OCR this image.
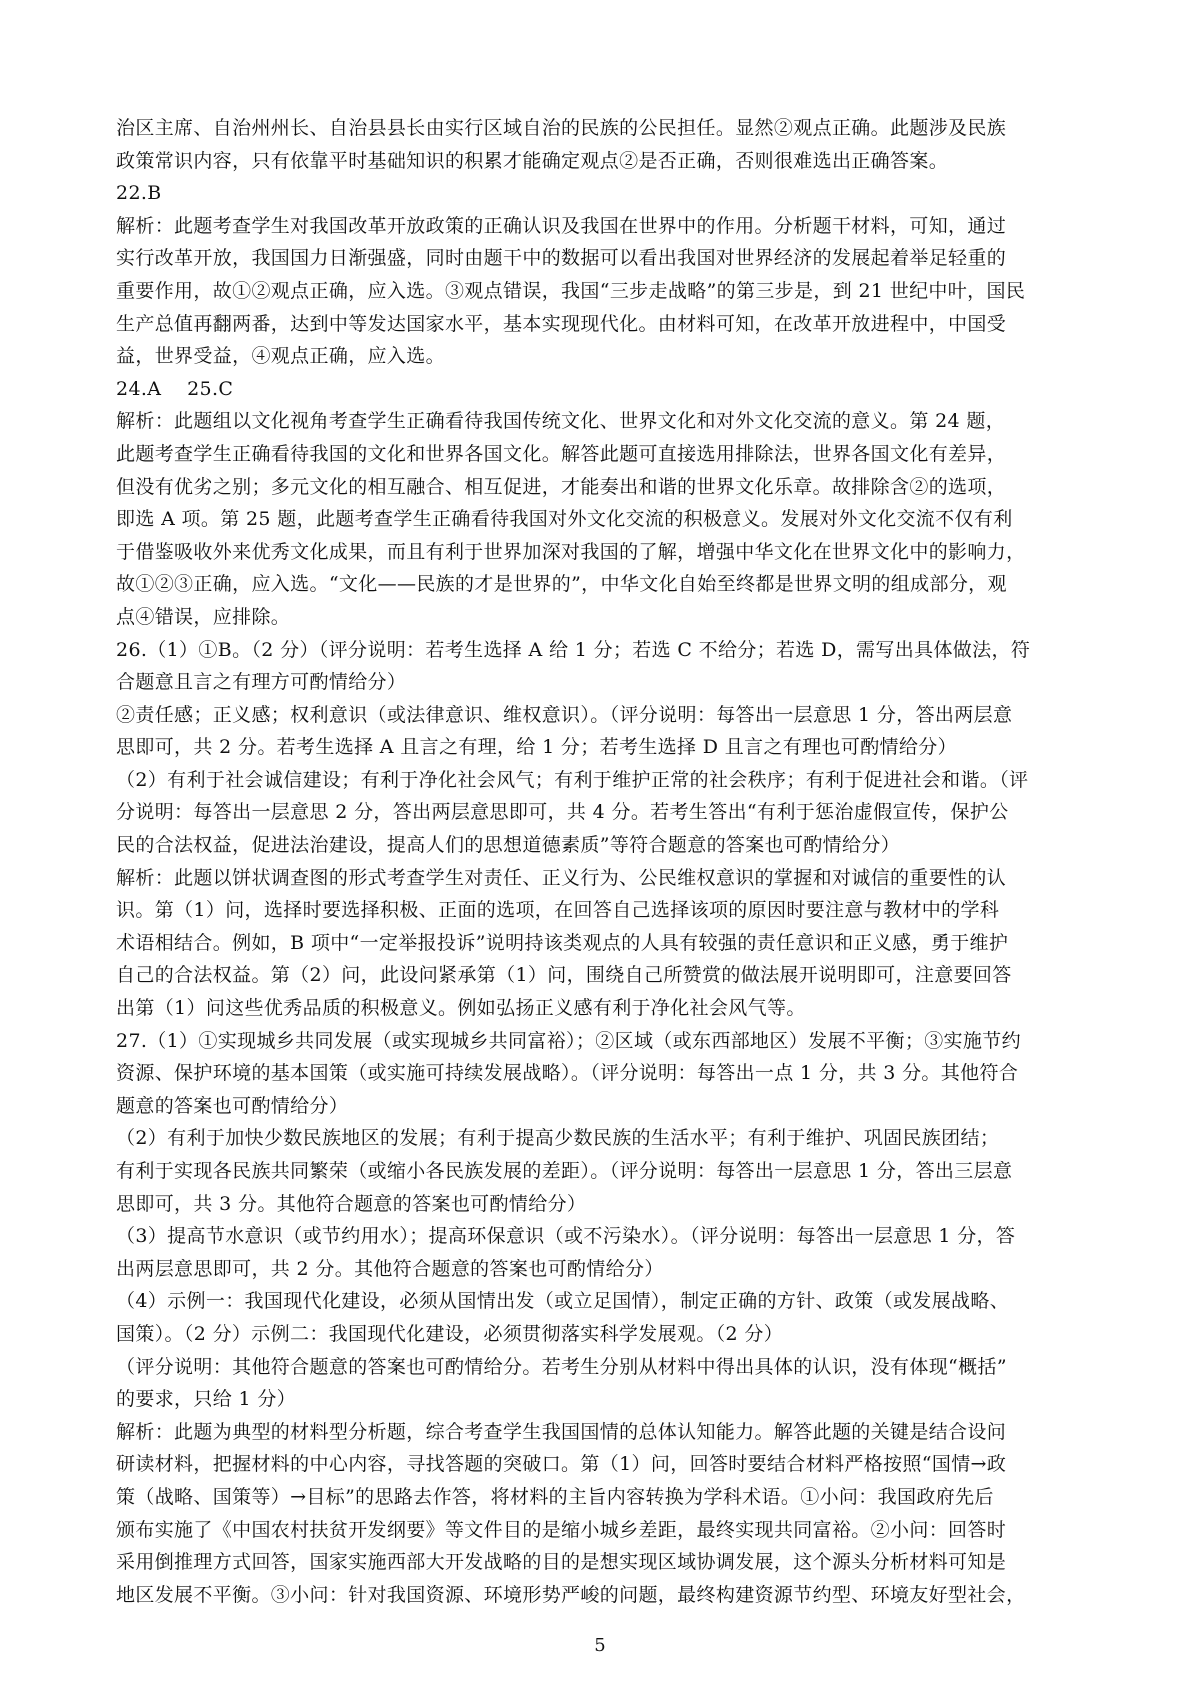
治区主席、自治州州长、自治县县长由实行区域自治的民族的公民担任。显然②观点正确。此题涉及民族
政策常识内容，只有依靠平时基础知识的积累才能确定观点②是否正确，否则很难选出正确答案。
22.B
解析：此题考查学生对我国改革开放政策的正确认识及我国在世界中的作用。分析题干材料，可知，通过
实行改革开放，我国国力日渐强盛，同时由题干中的数据可以看出我国对世界经济的发展起着举足轻重的
重要作用，故①②观点正确，应入选。③观点错误，我国“三步走战略”的第三步是，到 21 世纪中叶，国民
生产总值再翻两番，达到中等发达国家水平，基本实现现代化。由材料可知，在改革开放进程中，中国受
益，世界受益，④观点正确，应入选。
24.A　 25.C
解析：此题组以文化视角考查学生正确看待我国传统文化、世界文化和对外文化交流的意义。第 24 题，
此题考查学生正确看待我国的文化和世界各国文化。解答此题可直接选用排除法，世界各国文化有差异，
但没有优劣之别；多元文化的相互融合、相互促进，才能奏出和谐的世界文化乐章。故排除含②的选项，
即选 A 项。第 25 题，此题考查学生正确看待我国对外文化交流的积极意义。发展对外文化交流不仅有利
于借鉴吸收外来优秀文化成果，而且有利于世界加深对我国的了解，增强中华文化在世界文化中的影响力，
故①②③正确，应入选。“文化——民族的才是世界的”，中华文化自始至终都是世界文明的组成部分，观
点④错误，应排除。
26.（1）①B。（2 分）（评分说明：若考生选择 A 给 1 分；若选 C 不给分；若选 D，需写出具体做法，符
合题意且言之有理方可酌情给分）
②责任感；正义感；权利意识（或法律意识、维权意识）。（评分说明：每答出一层意思 1 分，答出两层意
思即可，共 2 分。若考生选择 A 且言之有理，给 1 分；若考生选择 D 且言之有理也可酌情给分）
（2）有利于社会诚信建设；有利于净化社会风气；有利于维护正常的社会秩序；有利于促进社会和谐。（评
分说明：每答出一层意思 2 分，答出两层意思即可，共 4 分。若考生答出“有利于惩治虚假宣传，保护公
民的合法权益，促进法治建设，提高人们的思想道德素质”等符合题意的答案也可酌情给分）
解析：此题以饼状调查图的形式考查学生对责任、正义行为、公民维权意识的掌握和对诚信的重要性的认
识。第（1）问，选择时要选择积极、正面的选项，在回答自己选择该项的原因时要注意与教材中的学科
术语相结合。例如，B 项中“一定举报投诉”说明持该类观点的人具有较强的责任意识和正义感，勇于维护
自己的合法权益。第（2）问，此设问紧承第（1）问，围绕自己所赞赏的做法展开说明即可，注意要回答
出第（1）问这些优秀品质的积极意义。例如弘扬正义感有利于净化社会风气等。
27.（1）①实现城乡共同发展（或实现城乡共同富裕）；②区域（或东西部地区）发展不平衡；③实施节约
资源、保护环境的基本国策（或实施可持续发展战略）。（评分说明：每答出一点 1 分，共 3 分。其他符合
题意的答案也可酌情给分）
（2）有利于加快少数民族地区的发展；有利于提高少数民族的生活水平；有利于维护、巩固民族团结；
有利于实现各民族共同繁荣（或缩小各民族发展的差距）。（评分说明：每答出一层意思 1 分，答出三层意
思即可，共 3 分。其他符合题意的答案也可酌情给分）
（3）提高节水意识（或节约用水）；提高环保意识（或不污染水）。（评分说明：每答出一层意思 1 分，答
出两层意思即可，共 2 分。其他符合题意的答案也可酌情给分）
（4）示例一：我国现代化建设，必须从国情出发（或立足国情），制定正确的方针、政策（或发展战略、
国策）。（2 分）示例二：我国现代化建设，必须贯彻落实科学发展观。（2 分）
（评分说明：其他符合题意的答案也可酌情给分。若考生分别从材料中得出具体的认识，没有体现“概括”
的要求，只给 1 分）
解析：此题为典型的材料型分析题，综合考查学生我国国情的总体认知能力。解答此题的关键是结合设问
研读材料，把握材料的中心内容，寻找答题的突破口。第（1）问，回答时要结合材料严格按照“国情→政
策（战略、国策等）→目标”的思路去作答，将材料的主旨内容转换为学科术语。①小问：我国政府先后
颁布实施了《中国农村扶贫开发纲要》等文件目的是缩小城乡差距，最终实现共同富裕。②小问：回答时
采用倒推理方式回答，国家实施西部大开发战略的目的是想实现区域协调发展，这个源头分析材料可知是
地区发展不平衡。③小问：针对我国资源、环境形势严峻的问题，最终构建资源节约型、环境友好型社会，
5
